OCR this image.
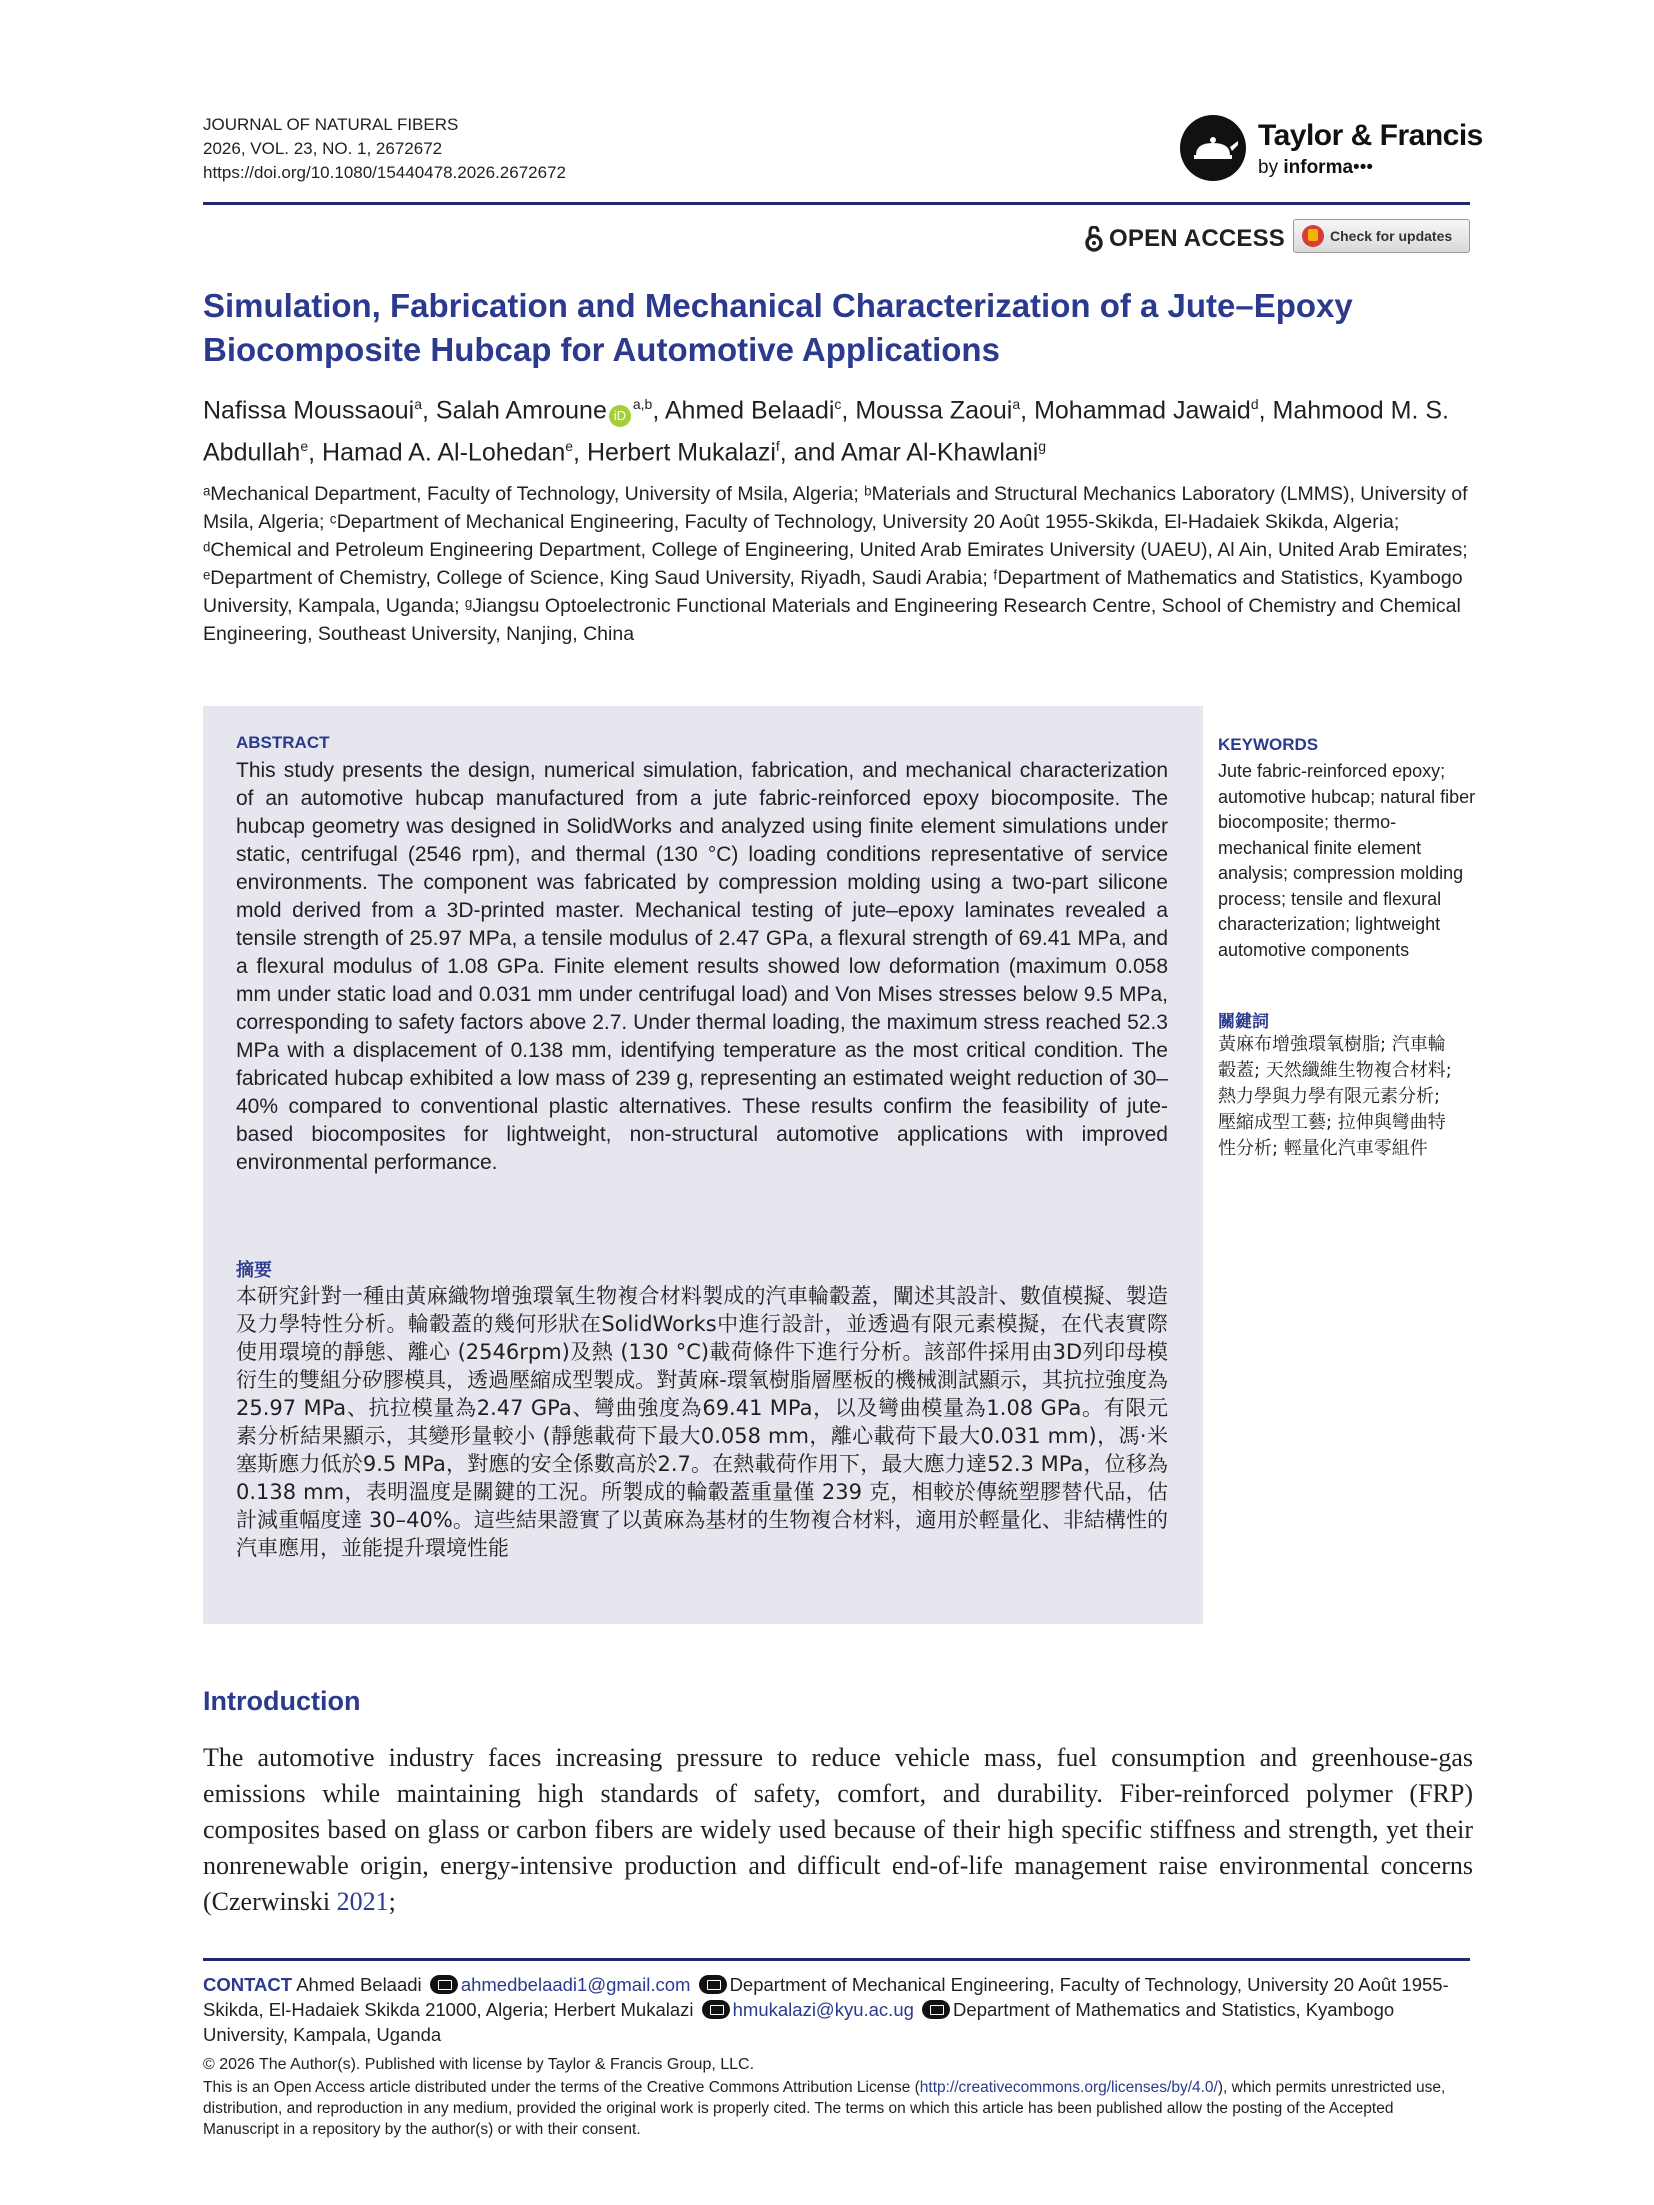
JOURNAL OF NATURAL FIBERS
2026, VOL. 23, NO. 1, 2672672
https://doi.org/10.1080/15440478.2026.2672672
Taylor & Francis
by informa•••
OPEN ACCESS	Check for updates
Simulation, Fabrication and Mechanical Characterization of a Jute–Epoxy Biocomposite Hubcap for Automotive Applications
Nafissa Moussaoui$^a$, Salah Amroune iD$^{a,b}$, Ahmed Belaadi$^c$, Moussa Zaoui$^a$, Mohammad Jawaid$^d$, Mahmood M. S. Abdullah$^e$, Hamad A. Al-Lohedan$^e$, Herbert Mukalazi$^f$, and Amar Al-Khawlani$^g$
ᵃMechanical Department, Faculty of Technology, University of Msila, Algeria; ᵇMaterials and Structural Mechanics Laboratory (LMMS), University of Msila, Algeria; ᶜDepartment of Mechanical Engineering, Faculty of Technology, University 20 Août 1955-Skikda, El-Hadaiek Skikda, Algeria; ᵈChemical and Petroleum Engineering Department, College of Engineering, United Arab Emirates University (UAEU), Al Ain, United Arab Emirates; ᵉDepartment of Chemistry, College of Science, King Saud University, Riyadh, Saudi Arabia; ᶠDepartment of Mathematics and Statistics, Kyambogo University, Kampala, Uganda; ᵍJiangsu Optoelectronic Functional Materials and Engineering Research Centre, School of Chemistry and Chemical Engineering, Southeast University, Nanjing, China
ABSTRACT
This study presents the design, numerical simulation, fabrication, and mechanical characterization of an automotive hubcap manufactured from a jute fabric-reinforced epoxy biocomposite. The hubcap geometry was designed in SolidWorks and analyzed using finite element simulations under static, centrifugal (2546 rpm), and thermal (130 °C) loading conditions representative of service environments. The component was fabricated by compression molding using a two-part silicone mold derived from a 3D-printed master. Mechanical testing of jute–epoxy laminates revealed a tensile strength of 25.97 MPa, a tensile modulus of 2.47 GPa, a flexural strength of 69.41 MPa, and a flexural modulus of 1.08 GPa. Finite element results showed low deformation (maximum 0.058 mm under static load and 0.031 mm under centrifugal load) and Von Mises stresses below 9.5 MPa, corresponding to safety factors above 2.7. Under thermal loading, the maximum stress reached 52.3 MPa with a displacement of 0.138 mm, identifying temperature as the most critical condition. The fabricated hubcap exhibited a low mass of 239 g, representing an estimated weight reduction of 30–40% compared to conventional plastic alternatives. These results confirm the feasibility of jute-based biocomposites for lightweight, non-structural automotive applications with improved environmental performance.
摘要
本研究針對一種由黃麻織物增強環氧生物複合材料製成的汽車輪轂蓋，闡述其設計、數值模擬、製造及力學特性分析。輪轂蓋的幾何形狀在SolidWorks中進行設計，並透過有限元素模擬，在代表實際使用環境的靜態、離心 (2546rpm)及熱 (130 °C)載荷條件下進行分析。該部件採用由3D列印母模衍生的雙組分矽膠模具，透過壓縮成型製成。對黃麻-環氧樹脂層壓板的機械測試顯示，其抗拉強度為25.97 MPa、抗拉模量為2.47 GPa、彎曲強度為69.41 MPa，以及彎曲模量為1.08 GPa。有限元素分析結果顯示，其變形量較小 (靜態載荷下最大0.058 mm，離心載荷下最大0.031 mm)，馮·米塞斯應力低於9.5 MPa，對應的安全係數高於2.7。在熱載荷作用下，最大應力達52.3 MPa，位移為0.138 mm，表明溫度是關鍵的工況。所製成的輪轂蓋重量僅 239 克，相較於傳統塑膠替代品，估計減重幅度達 30–40%。這些結果證實了以黃麻為基材的生物複合材料，適用於輕量化、非結構性的汽車應用，並能提升環境性能
KEYWORDS
Jute fabric-reinforced epoxy; automotive hubcap; natural fiber biocomposite; thermo-mechanical finite element analysis; compression molding process; tensile and flexural characterization; lightweight automotive components
關鍵詞
黃麻布增強環氧樹脂; 汽車輪轂蓋; 天然纖維生物複合材料; 熱力學與力學有限元素分析; 壓縮成型工藝; 拉伸與彎曲特性分析; 輕量化汽車零組件
Introduction

The automotive industry faces increasing pressure to reduce vehicle mass, fuel consumption and greenhouse-gas emissions while maintaining high standards of safety, comfort, and durability. Fiber-reinforced polymer (FRP) composites based on glass or carbon fibers are widely used because of their high specific stiffness and strength, yet their nonrenewable origin, energy-intensive production and difficult end-of-life management raise environmental concerns (Czerwinski 2021;

CONTACT Ahmed Belaadi ahmedbelaadi1@gmail.com Department of Mechanical Engineering, Faculty of Technology, University 20 Août 1955-Skikda, El-Hadaiek Skikda 21000, Algeria; Herbert Mukalazi hmukalazi@kyu.ac.ug Department of Mathematics and Statistics, Kyambogo University, Kampala, Uganda
© 2026 The Author(s). Published with license by Taylor & Francis Group, LLC.
This is an Open Access article distributed under the terms of the Creative Commons Attribution License (http://creativecommons.org/licenses/by/4.0/), which permits unrestricted use, distribution, and reproduction in any medium, provided the original work is properly cited. The terms on which this article has been published allow the posting of the Accepted Manuscript in a repository by the author(s) or with their consent.
